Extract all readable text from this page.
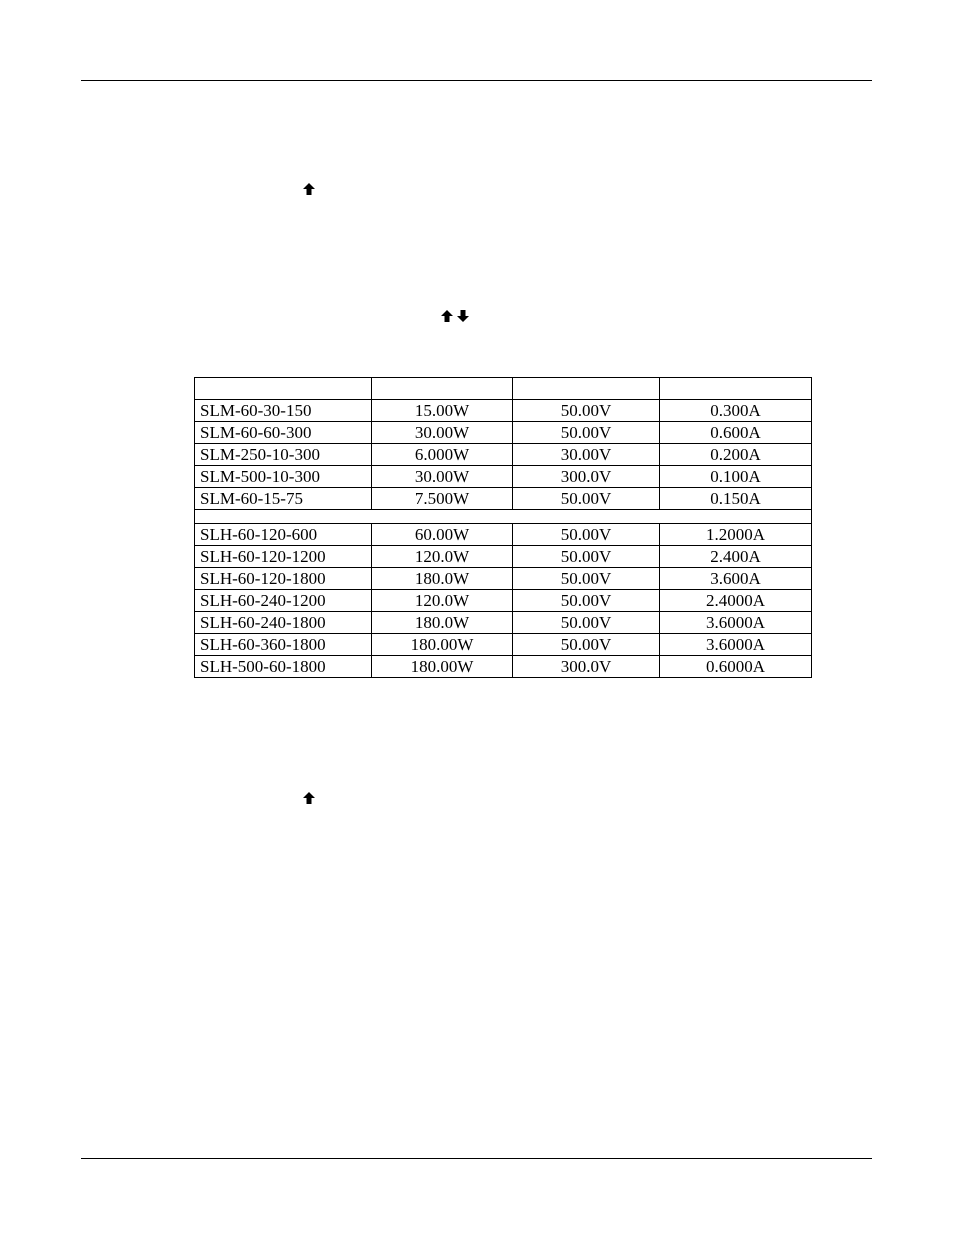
SLM-60-30-150	15.00W	50.00V	0.300A
SLM-60-60-300	30.00W	50.00V	0.600A
SLM-250-10-300	6.000W	30.00V	0.200A
SLM-500-10-300	30.00W	300.0V	0.100A
SLM-60-15-75	7.500W	50.00V	0.150A

SLH-60-120-600	60.00W	50.00V	1.2000A
SLH-60-120-1200	120.0W	50.00V	2.400A
SLH-60-120-1800	180.0W	50.00V	3.600A
SLH-60-240-1200	120.0W	50.00V	2.4000A
SLH-60-240-1800	180.0W	50.00V	3.6000A
SLH-60-360-1800	180.00W	50.00V	3.6000A
SLH-500-60-1800	180.00W	300.0V	0.6000A
